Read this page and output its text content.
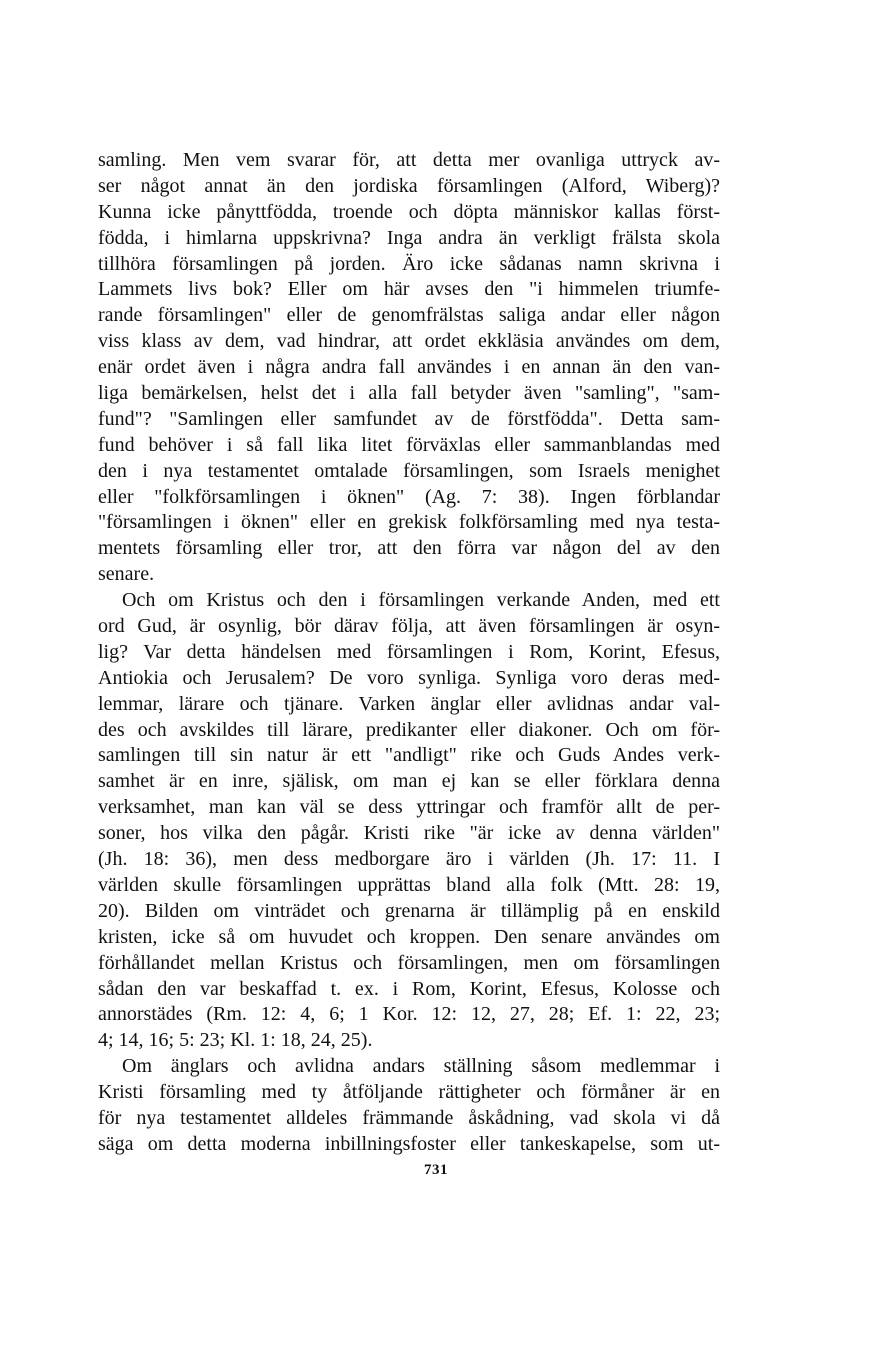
samling. Men vem svarar för, att detta mer ovanliga uttryck av-
ser något annat än den jordiska församlingen (Alford, Wiberg)?
Kunna icke pånyttfödda, troende och döpta människor kallas först-
födda, i himlarna uppskrivna? Inga andra än verkligt frälsta skola
tillhöra församlingen på jorden. Äro icke sådanas namn skrivna i
Lammets livs bok? Eller om här avses den "i himmelen triumfe-
rande församlingen" eller de genomfrälstas saliga andar eller någon
viss klass av dem, vad hindrar, att ordet ekkläsia användes om dem,
enär ordet även i några andra fall användes i en annan än den van-
liga bemärkelsen, helst det i alla fall betyder även "samling", "sam-
fund"? "Samlingen eller samfundet av de förstfödda". Detta sam-
fund behöver i så fall lika litet förväxlas eller sammanblandas med
den i nya testamentet omtalade församlingen, som Israels menighet
eller "folkförsamlingen i öknen" (Ag. 7: 38). Ingen förblandar
"församlingen i öknen" eller en grekisk folkförsamling med nya testa-
mentets församling eller tror, att den förra var någon del av den
senare.
Och om Kristus och den i församlingen verkande Anden, med ett
ord Gud, är osynlig, bör därav följa, att även församlingen är osyn-
lig? Var detta händelsen med församlingen i Rom, Korint, Efesus,
Antiokia och Jerusalem? De voro synliga. Synliga voro deras med-
lemmar, lärare och tjänare. Varken änglar eller avlidnas andar val-
des och avskildes till lärare, predikanter eller diakoner. Och om för-
samlingen till sin natur är ett "andligt" rike och Guds Andes verk-
samhet är en inre, själisk, om man ej kan se eller förklara denna
verksamhet, man kan väl se dess yttringar och framför allt de per-
soner, hos vilka den pågår. Kristi rike "är icke av denna världen"
(Jh. 18: 36), men dess medborgare äro i världen (Jh. 17: 11. I
världen skulle församlingen upprättas bland alla folk (Mtt. 28: 19,
20). Bilden om vinträdet och grenarna är tillämplig på en enskild
kristen, icke så om huvudet och kroppen. Den senare användes om
förhållandet mellan Kristus och församlingen, men om församlingen
sådan den var beskaffad t. ex. i Rom, Korint, Efesus, Kolosse och
annorstädes (Rm. 12: 4, 6; 1 Kor. 12: 12, 27, 28; Ef. 1: 22, 23;
4; 14, 16; 5: 23; Kl. 1: 18, 24, 25).
Om änglars och avlidna andars ställning såsom medlemmar i
Kristi församling med ty åtföljande rättigheter och förmåner är en
för nya testamentet alldeles främmande åskådning, vad skola vi då
säga om detta moderna inbillningsfoster eller tankeskapelse, som ut-
731
